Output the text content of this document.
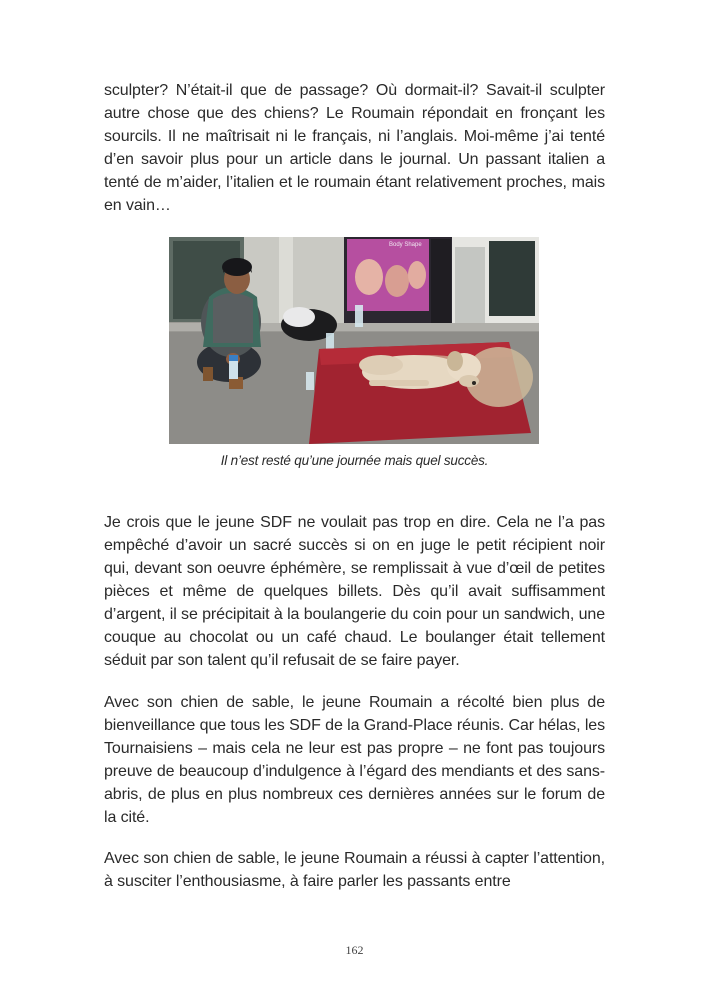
sculpter? N’était-il que de passage? Où dormait-il? Savait-il sculpter autre chose que des chiens? Le Roumain répondait en fronçant les sourcils. Il ne maîtrisait ni le français, ni l’anglais. Moi-même j’ai tenté d’en savoir plus pour un article dans le journal. Un passant italien a tenté de m’aider, l’italien et le roumain étant relativement proches, mais en vain…

Body Shape
Il n’est resté qu’une journée mais quel succès.

Je crois que le jeune SDF ne voulait pas trop en dire. Cela ne l’a pas empêché d’avoir un sacré succès si on en juge le petit récipient noir qui, devant son oeuvre éphémère, se remplissait à vue d’œil de petites pièces et même de quelques billets. Dès qu’il avait suffisamment d’argent, il se précipitait à la boulangerie du coin pour un sandwich, une couque au chocolat ou un café chaud. Le boulanger était tellement séduit par son talent qu’il refusait de se faire payer.

Avec son chien de sable, le jeune Roumain a récolté bien plus de bienveillance que tous les SDF de la Grand-Place réunis. Car hélas, les Tournaisiens – mais cela ne leur est pas propre – ne font pas toujours preuve de beaucoup d’indulgence à l’égard des mendiants et des sans-abris, de plus en plus nombreux ces dernières années sur le forum de la cité.

Avec son chien de sable, le jeune Roumain a réussi à capter l’attention, à susciter l’enthousiasme, à faire parler les passants entre

162
